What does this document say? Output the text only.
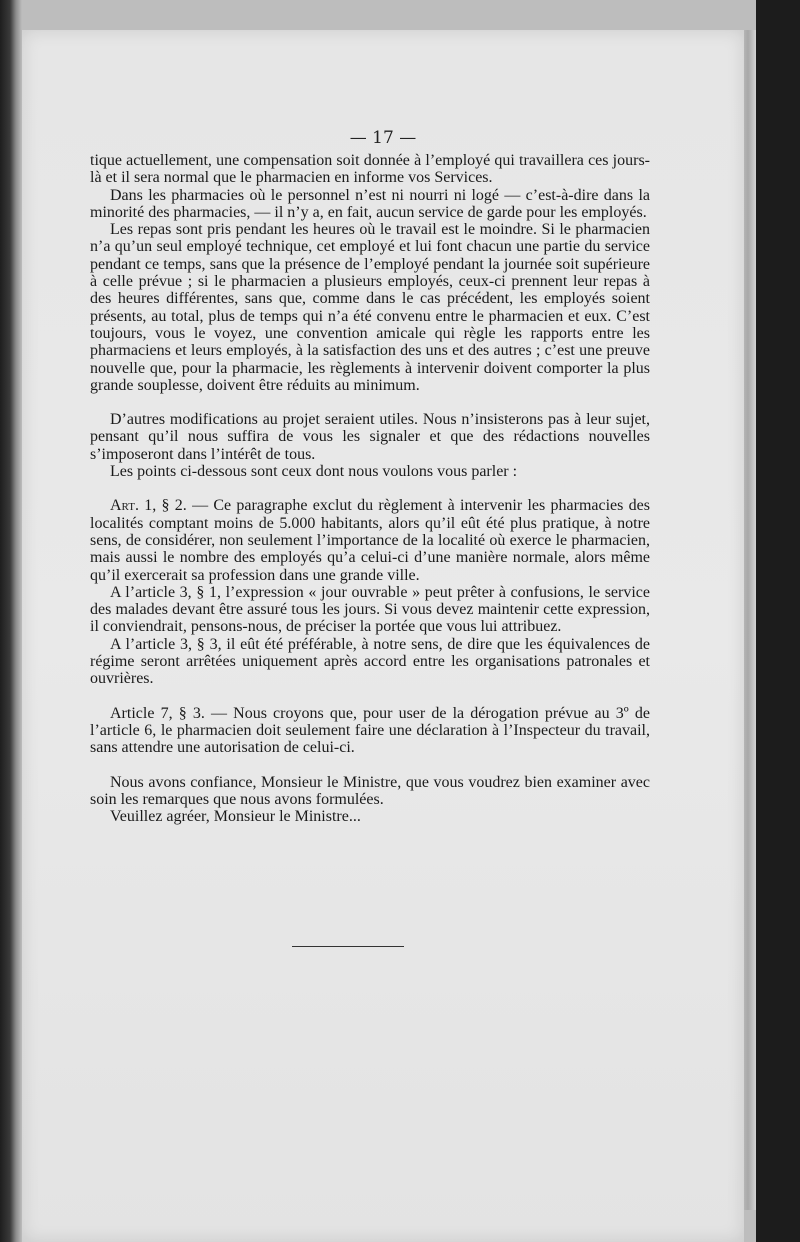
— 17 —

tique actuellement, une compensation soit donnée à l’employé qui travaillera ces jours-là et il sera normal que le pharmacien en informe vos Services.

Dans les pharmacies où le personnel n’est ni nourri ni logé — c’est-à-dire dans la minorité des pharmacies, — il n’y a, en fait, aucun service de garde pour les employés.

Les repas sont pris pendant les heures où le travail est le moindre. Si le pharmacien n’a qu’un seul employé technique, cet employé et lui font chacun une partie du service pendant ce temps, sans que la présence de l’employé pendant la journée soit supérieure à celle prévue ; si le pharmacien a plusieurs employés, ceux-ci prennent leur repas à des heures différentes, sans que, comme dans le cas précédent, les employés soient présents, au total, plus de temps qui n’a été convenu entre le pharmacien et eux. C’est toujours, vous le voyez, une convention amicale qui règle les rapports entre les pharmaciens et leurs employés, à la satisfaction des uns et des autres ; c’est une preuve nouvelle que, pour la pharmacie, les règlements à intervenir doivent comporter la plus grande souplesse, doivent être réduits au minimum.

D’autres modifications au projet seraient utiles. Nous n’insisterons pas à leur sujet, pensant qu’il nous suffira de vous les signaler et que des rédactions nouvelles s’imposeront dans l’intérêt de tous.

Les points ci-dessous sont ceux dont nous voulons vous parler :

Art. 1, § 2. — Ce paragraphe exclut du règlement à intervenir les pharmacies des localités comptant moins de 5.000 habitants, alors qu’il eût été plus pratique, à notre sens, de considérer, non seulement l’importance de la localité où exerce le pharmacien, mais aussi le nombre des employés qu’a celui-ci d’une manière normale, alors même qu’il exercerait sa profession dans une grande ville.

A l’article 3, § 1, l’expression « jour ouvrable » peut prêter à confusions, le service des malades devant être assuré tous les jours. Si vous devez maintenir cette expression, il conviendrait, pensons-nous, de préciser la portée que vous lui attribuez.

A l’article 3, § 3, il eût été préférable, à notre sens, de dire que les équivalences de régime seront arrêtées uniquement après accord entre les organisations patronales et ouvrières.

Article 7, § 3. — Nous croyons que, pour user de la dérogation prévue au 3º de l’article 6, le pharmacien doit seulement faire une déclaration à l’Inspecteur du travail, sans attendre une autorisation de celui-ci.

Nous avons confiance, Monsieur le Ministre, que vous voudrez bien examiner avec soin les remarques que nous avons formulées.

Veuillez agréer, Monsieur le Ministre...
